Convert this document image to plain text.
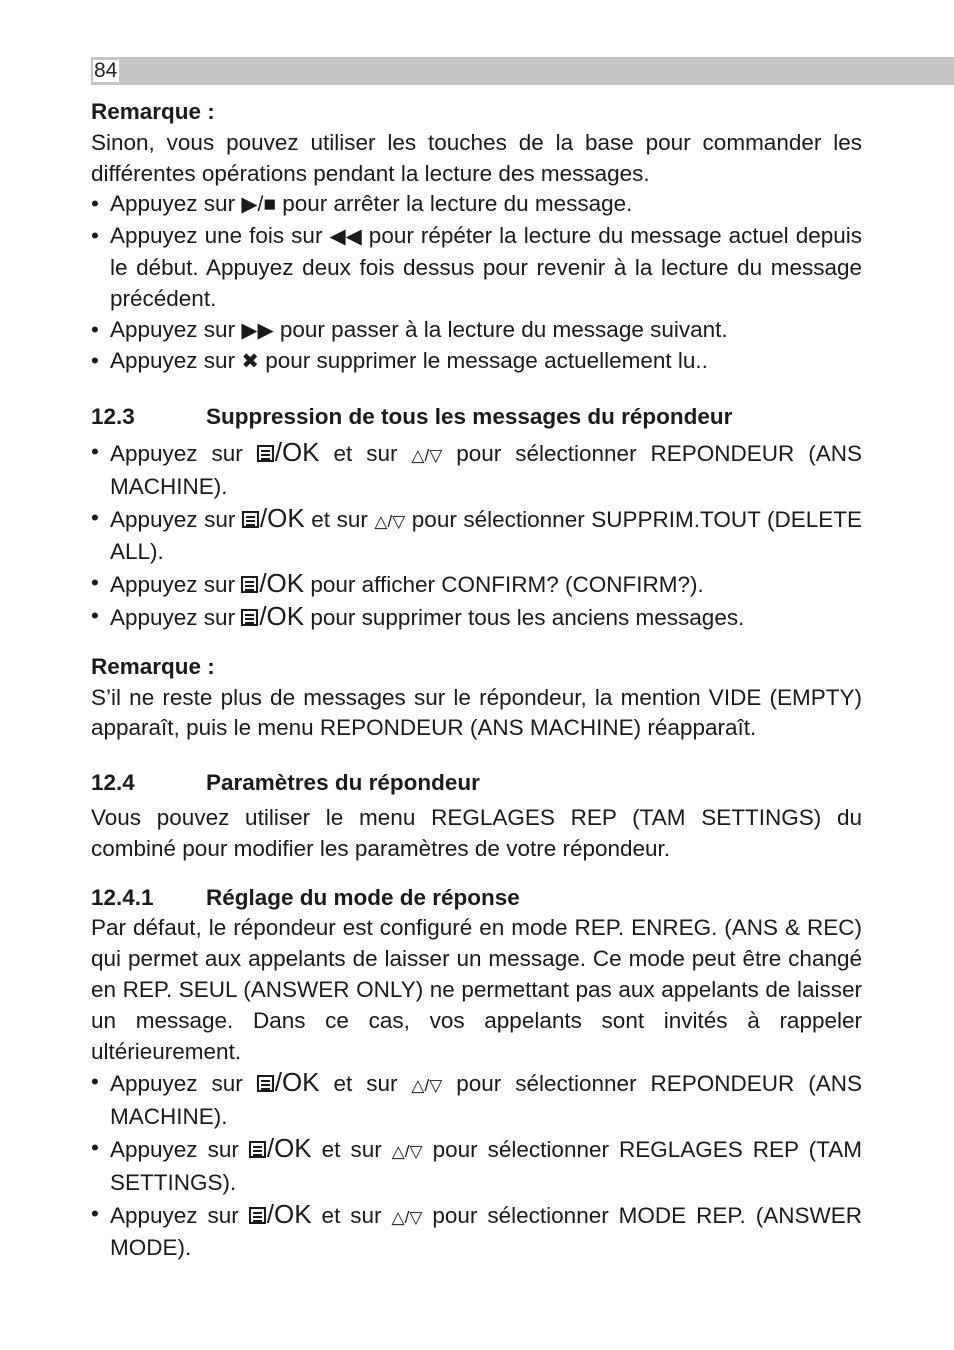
84

Remarque :

Sinon, vous pouvez utiliser les touches de la base pour commander les différentes opérations pendant la lecture des messages.

• Appuyez sur ▶/■ pour arrêter la lecture du message.
• Appuyez une fois sur ◀◀ pour répéter la lecture du message actuel depuis le début. Appuyez deux fois dessus pour revenir à la lecture du message précédent.
• Appuyez sur ▶▶ pour passer à la lecture du message suivant.
• Appuyez sur ✖ pour supprimer le message actuellement lu..
12.3	Suppression de tous les messages du répondeur
• Appuyez sur /OK et sur △/▽ pour sélectionner REPONDEUR (ANS MACHINE).
• Appuyez sur /OK et sur △/▽ pour sélectionner SUPPRIM.TOUT (DELETE ALL).
• Appuyez sur /OK pour afficher CONFIRM? (CONFIRM?).
• Appuyez sur /OK pour supprimer tous les anciens messages.

Remarque :

S’il ne reste plus de messages sur le répondeur, la mention VIDE (EMPTY) apparaît, puis le menu REPONDEUR (ANS MACHINE) réapparaît.

12.4	Paramètres du répondeur

Vous pouvez utiliser le menu REGLAGES REP (TAM SETTINGS) du combiné pour modifier les paramètres de votre répondeur.

12.4.1	Réglage du mode de réponse

Par défaut, le répondeur est configuré en mode REP. ENREG. (ANS & REC) qui permet aux appelants de laisser un message. Ce mode peut être changé en REP. SEUL (ANSWER ONLY) ne permettant pas aux appelants de laisser un message. Dans ce cas, vos appelants sont invités à rappeler ultérieurement.

• Appuyez sur /OK et sur △/▽ pour sélectionner REPONDEUR (ANS MACHINE).
• Appuyez sur /OK et sur △/▽ pour sélectionner REGLAGES REP (TAM SETTINGS).
• Appuyez sur /OK et sur △/▽ pour sélectionner MODE REP. (ANSWER MODE).
